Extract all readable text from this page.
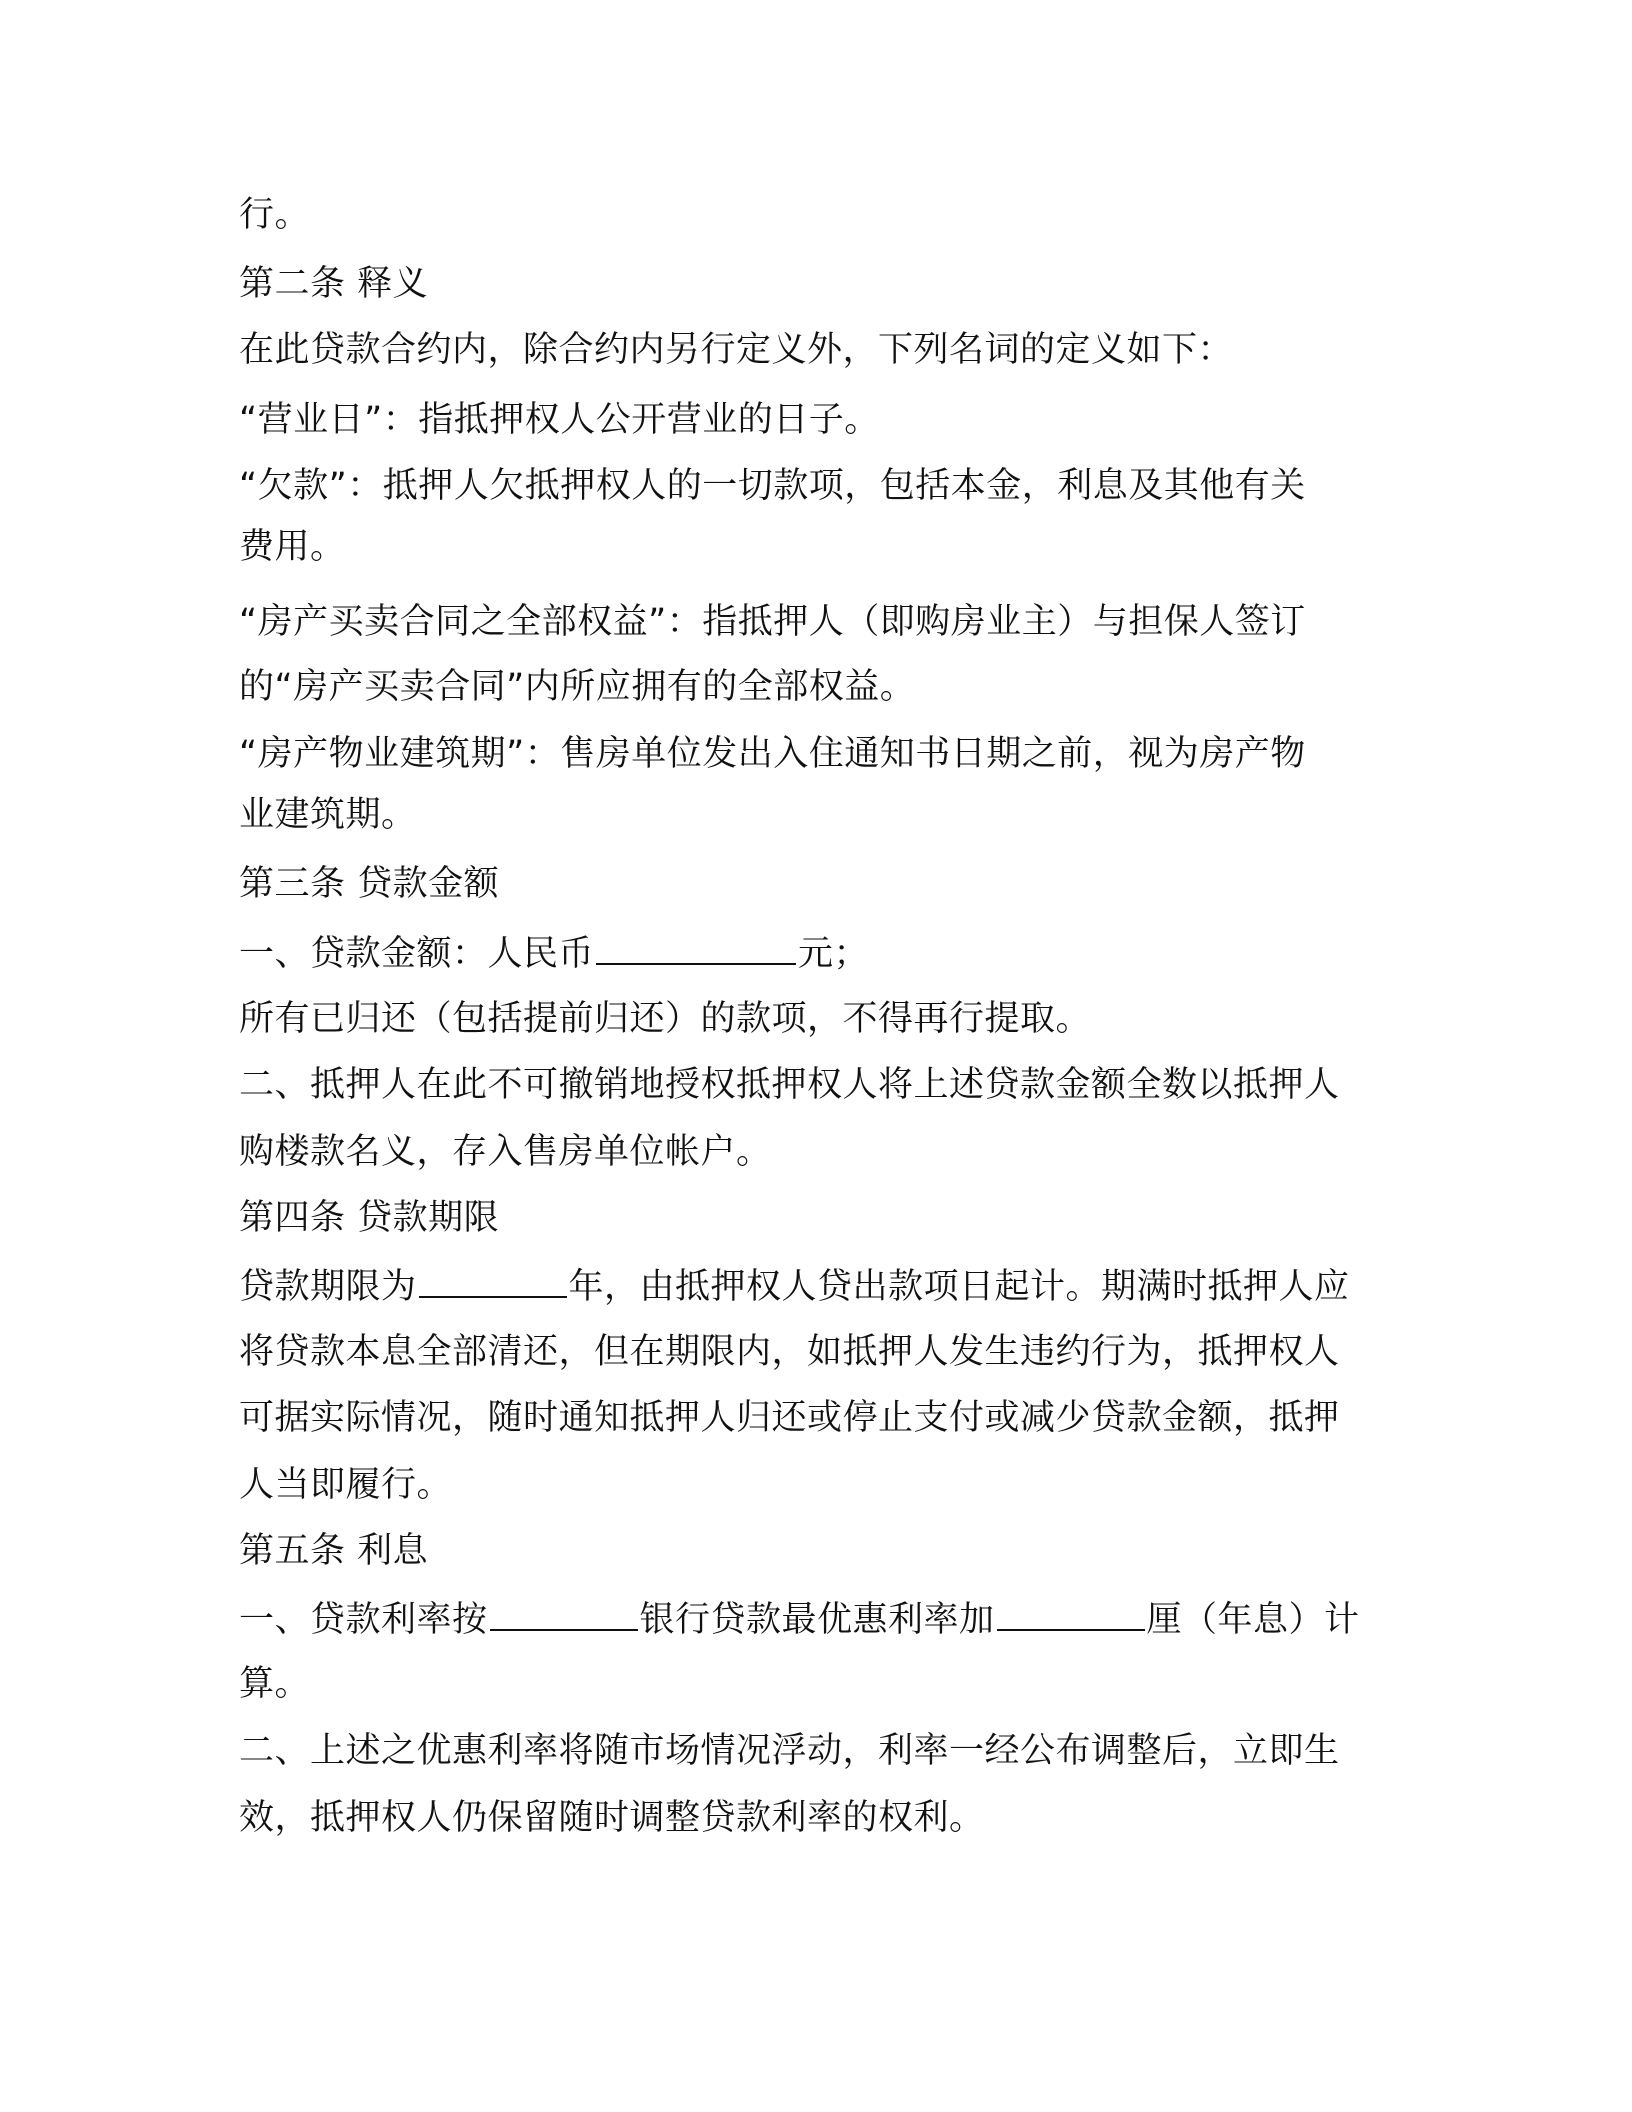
行。
第二条 释义
在此贷款合约内，除合约内另行定义外，下列名词的定义如下：
“营业日”：指抵押权人公开营业的日子。
“欠款”：抵押人欠抵押权人的一切款项，包括本金，利息及其他有关
费用。
“房产买卖合同之全部权益”：指抵押人（即购房业主）与担保人签订
的“房产买卖合同”内所应拥有的全部权益。
“房产物业建筑期”：售房单位发出入住通知书日期之前，视为房产物
业建筑期。
第三条 贷款金额
一、贷款金额：人民币	元；
所有已归还（包括提前归还）的款项，不得再行提取。
二、抵押人在此不可撤销地授权抵押权人将上述贷款金额全数以抵押人
购楼款名义，存入售房单位帐户。
第四条 贷款期限
贷款期限为	年，由抵押权人贷出款项日起计。期满时抵押人应
将贷款本息全部清还，但在期限内，如抵押人发生违约行为，抵押权人
可据实际情况，随时通知抵押人归还或停止支付或减少贷款金额，抵押
人当即履行。
第五条 利息
一、贷款利率按	银行贷款最优惠利率加	厘（年息）计
算。
二、上述之优惠利率将随市场情况浮动，利率一经公布调整后，立即生
效，抵押权人仍保留随时调整贷款利率的权利。
